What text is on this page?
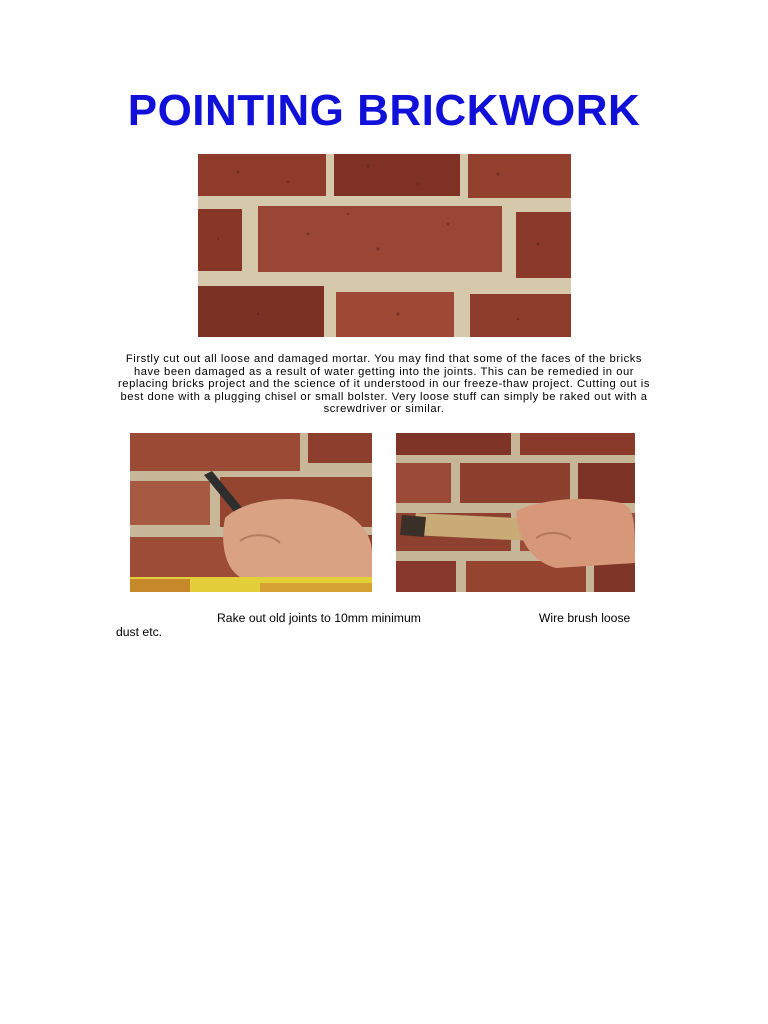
POINTING BRICKWORK

Firstly cut out all loose and damaged mortar. You may find that some of the faces of the bricks have been damaged as a result of water getting into the joints. This can be remedied in our replacing bricks project and the science of it understood in our freeze-thaw project. Cutting out is best done with a plugging chisel or small bolster. Very loose stuff can simply be raked out with a screwdriver or similar.

Rake out old joints to 10mm minimum	Wire brush loose dust etc.
